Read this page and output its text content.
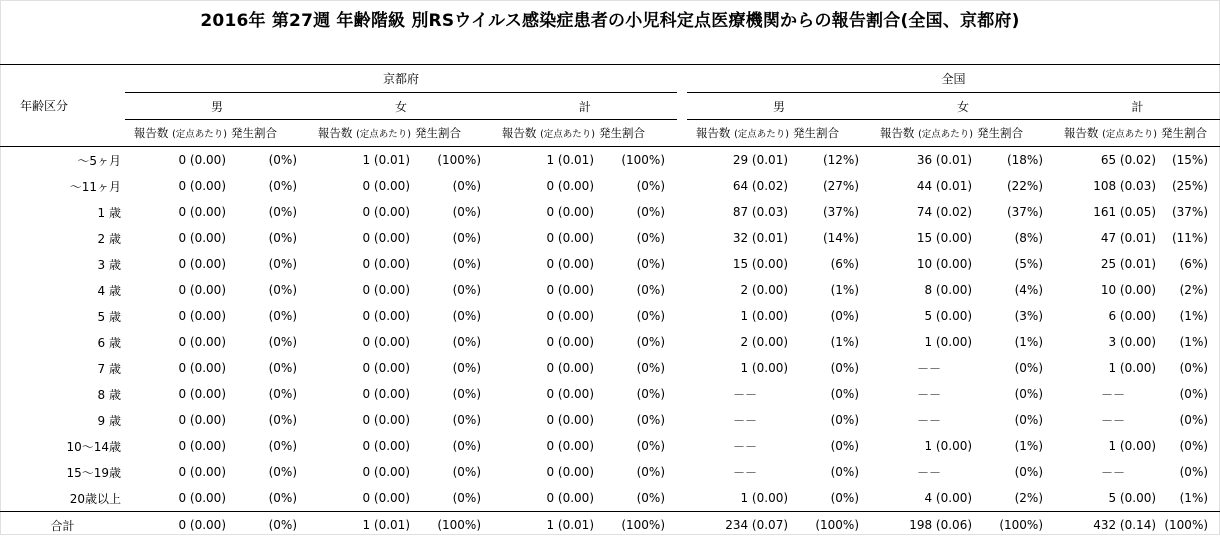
2016年 第27週 年齢階級 別RSウイルス感染症患者の小児科定点医療機関からの報告割合(全国、京都府)
年齢区分	京都府							全国					
	男		女		計			男		女		計	
	報告数 (定点あたり)	発生割合	報告数 (定点あたり)	発生割合	報告数 (定点あたり)	発生割合		報告数 (定点あたり)	発生割合	報告数 (定点あたり)	発生割合	報告数 (定点あたり)	発生割合
～5ヶ月	0 (0.00)	(0%)	1 (0.01)	(100%)	1 (0.01)	(100%)		29 (0.01)	(12%)	36 (0.01)	(18%)	65 (0.02)	(15%)
～11ヶ月	0 (0.00)	(0%)	0 (0.00)	(0%)	0 (0.00)	(0%)		64 (0.02)	(27%)	44 (0.01)	(22%)	108 (0.03)	(25%)
1 歳	0 (0.00)	(0%)	0 (0.00)	(0%)	0 (0.00)	(0%)		87 (0.03)	(37%)	74 (0.02)	(37%)	161 (0.05)	(37%)
2 歳	0 (0.00)	(0%)	0 (0.00)	(0%)	0 (0.00)	(0%)		32 (0.01)	(14%)	15 (0.00)	(8%)	47 (0.01)	(11%)
3 歳	0 (0.00)	(0%)	0 (0.00)	(0%)	0 (0.00)	(0%)		15 (0.00)	(6%)	10 (0.00)	(5%)	25 (0.01)	(6%)
4 歳	0 (0.00)	(0%)	0 (0.00)	(0%)	0 (0.00)	(0%)		2 (0.00)	(1%)	8 (0.00)	(4%)	10 (0.00)	(2%)
5 歳	0 (0.00)	(0%)	0 (0.00)	(0%)	0 (0.00)	(0%)		1 (0.00)	(0%)	5 (0.00)	(3%)	6 (0.00)	(1%)
6 歳	0 (0.00)	(0%)	0 (0.00)	(0%)	0 (0.00)	(0%)		2 (0.00)	(1%)	1 (0.00)	(1%)	3 (0.00)	(1%)
7 歳	0 (0.00)	(0%)	0 (0.00)	(0%)	0 (0.00)	(0%)		1 (0.00)	(0%)	－－	(0%)	1 (0.00)	(0%)
8 歳	0 (0.00)	(0%)	0 (0.00)	(0%)	0 (0.00)	(0%)		－－	(0%)	－－	(0%)	－－	(0%)
9 歳	0 (0.00)	(0%)	0 (0.00)	(0%)	0 (0.00)	(0%)		－－	(0%)	－－	(0%)	－－	(0%)
10～14歳	0 (0.00)	(0%)	0 (0.00)	(0%)	0 (0.00)	(0%)		－－	(0%)	1 (0.00)	(1%)	1 (0.00)	(0%)
15～19歳	0 (0.00)	(0%)	0 (0.00)	(0%)	0 (0.00)	(0%)		－－	(0%)	－－	(0%)	－－	(0%)
20歳以上	0 (0.00)	(0%)	0 (0.00)	(0%)	0 (0.00)	(0%)		1 (0.00)	(0%)	4 (0.00)	(2%)	5 (0.00)	(1%)
合計	0 (0.00)	(0%)	1 (0.01)	(100%)	1 (0.01)	(100%)		234 (0.07)	(100%)	198 (0.06)	(100%)	432 (0.14)	(100%)
